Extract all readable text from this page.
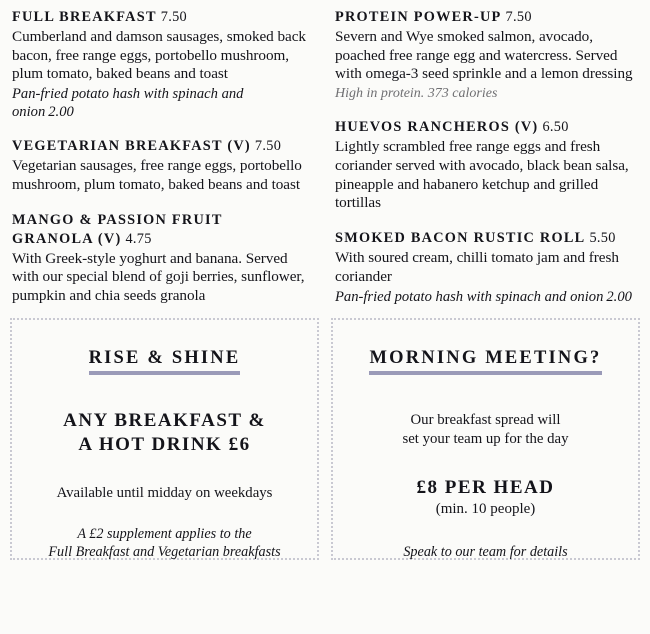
FULL BREAKFAST 7.50
Cumberland and damson sausages, smoked back bacon, free range eggs, portobello mushroom, plum tomato, baked beans and toast
Pan-fried potato hash with spinach and onion 2.00
VEGETARIAN BREAKFAST (V) 7.50
Vegetarian sausages, free range eggs, portobello mushroom, plum tomato, baked beans and toast
MANGO & PASSION FRUIT GRANOLA (V) 4.75
With Greek-style yoghurt and banana. Served with our special blend of goji berries, sunflower, pumpkin and chia seeds granola
PROTEIN POWER-UP 7.50
Severn and Wye smoked salmon, avocado, poached free range egg and watercress. Served with omega-3 seed sprinkle and a lemon dressing
High in protein. 373 calories
HUEVOS RANCHEROS (V) 6.50
Lightly scrambled free range eggs and fresh coriander served with avocado, black bean salsa, pineapple and habanero ketchup and grilled tortillas
SMOKED BACON RUSTIC ROLL 5.50
With soured cream, chilli tomato jam and fresh coriander
Pan-fried potato hash with spinach and onion 2.00
RISE & SHINE
ANY BREAKFAST &
A HOT DRINK £6
Available until midday on weekdays
A £2 supplement applies to the
Full Breakfast and Vegetarian breakfasts
MORNING MEETING?
Our breakfast spread will
set your team up for the day
£8 PER HEAD
(min. 10 people)
Speak to our team for details
